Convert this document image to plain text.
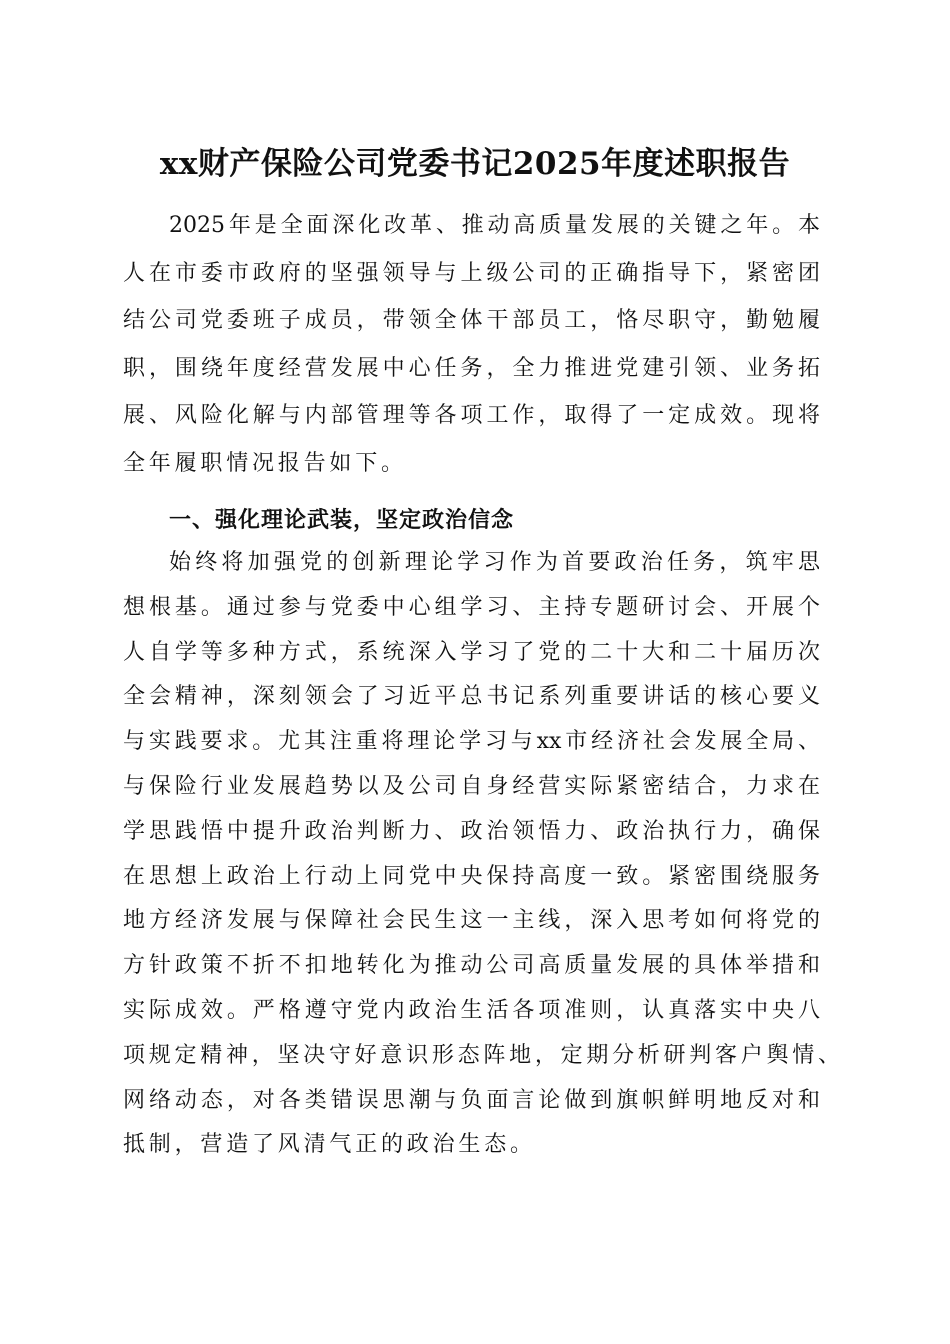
xx财产保险公司党委书记2025年度述职报告
2025年是全面深化改革、推动高质量发展的关键之年。本
人在市委市政府的坚强领导与上级公司的正确指导下，紧密团
结公司党委班子成员，带领全体干部员工，恪尽职守，勤勉履
职，围绕年度经营发展中心任务，全力推进党建引领、业务拓
展、风险化解与内部管理等各项工作，取得了一定成效。现将
全年履职情况报告如下。
一、强化理论武装，坚定政治信念
始终将加强党的创新理论学习作为首要政治任务，筑牢思
想根基。通过参与党委中心组学习、主持专题研讨会、开展个
人自学等多种方式，系统深入学习了党的二十大和二十届历次
全会精神，深刻领会了习近平总书记系列重要讲话的核心要义
与实践要求。尤其注重将理论学习与xx市经济社会发展全局、
与保险行业发展趋势以及公司自身经营实际紧密结合，力求在
学思践悟中提升政治判断力、政治领悟力、政治执行力，确保
在思想上政治上行动上同党中央保持高度一致。紧密围绕服务
地方经济发展与保障社会民生这一主线，深入思考如何将党的
方针政策不折不扣地转化为推动公司高质量发展的具体举措和
实际成效。严格遵守党内政治生活各项准则，认真落实中央八
项规定精神，坚决守好意识形态阵地，定期分析研判客户舆情、
网络动态，对各类错误思潮与负面言论做到旗帜鲜明地反对和
抵制，营造了风清气正的政治生态。
